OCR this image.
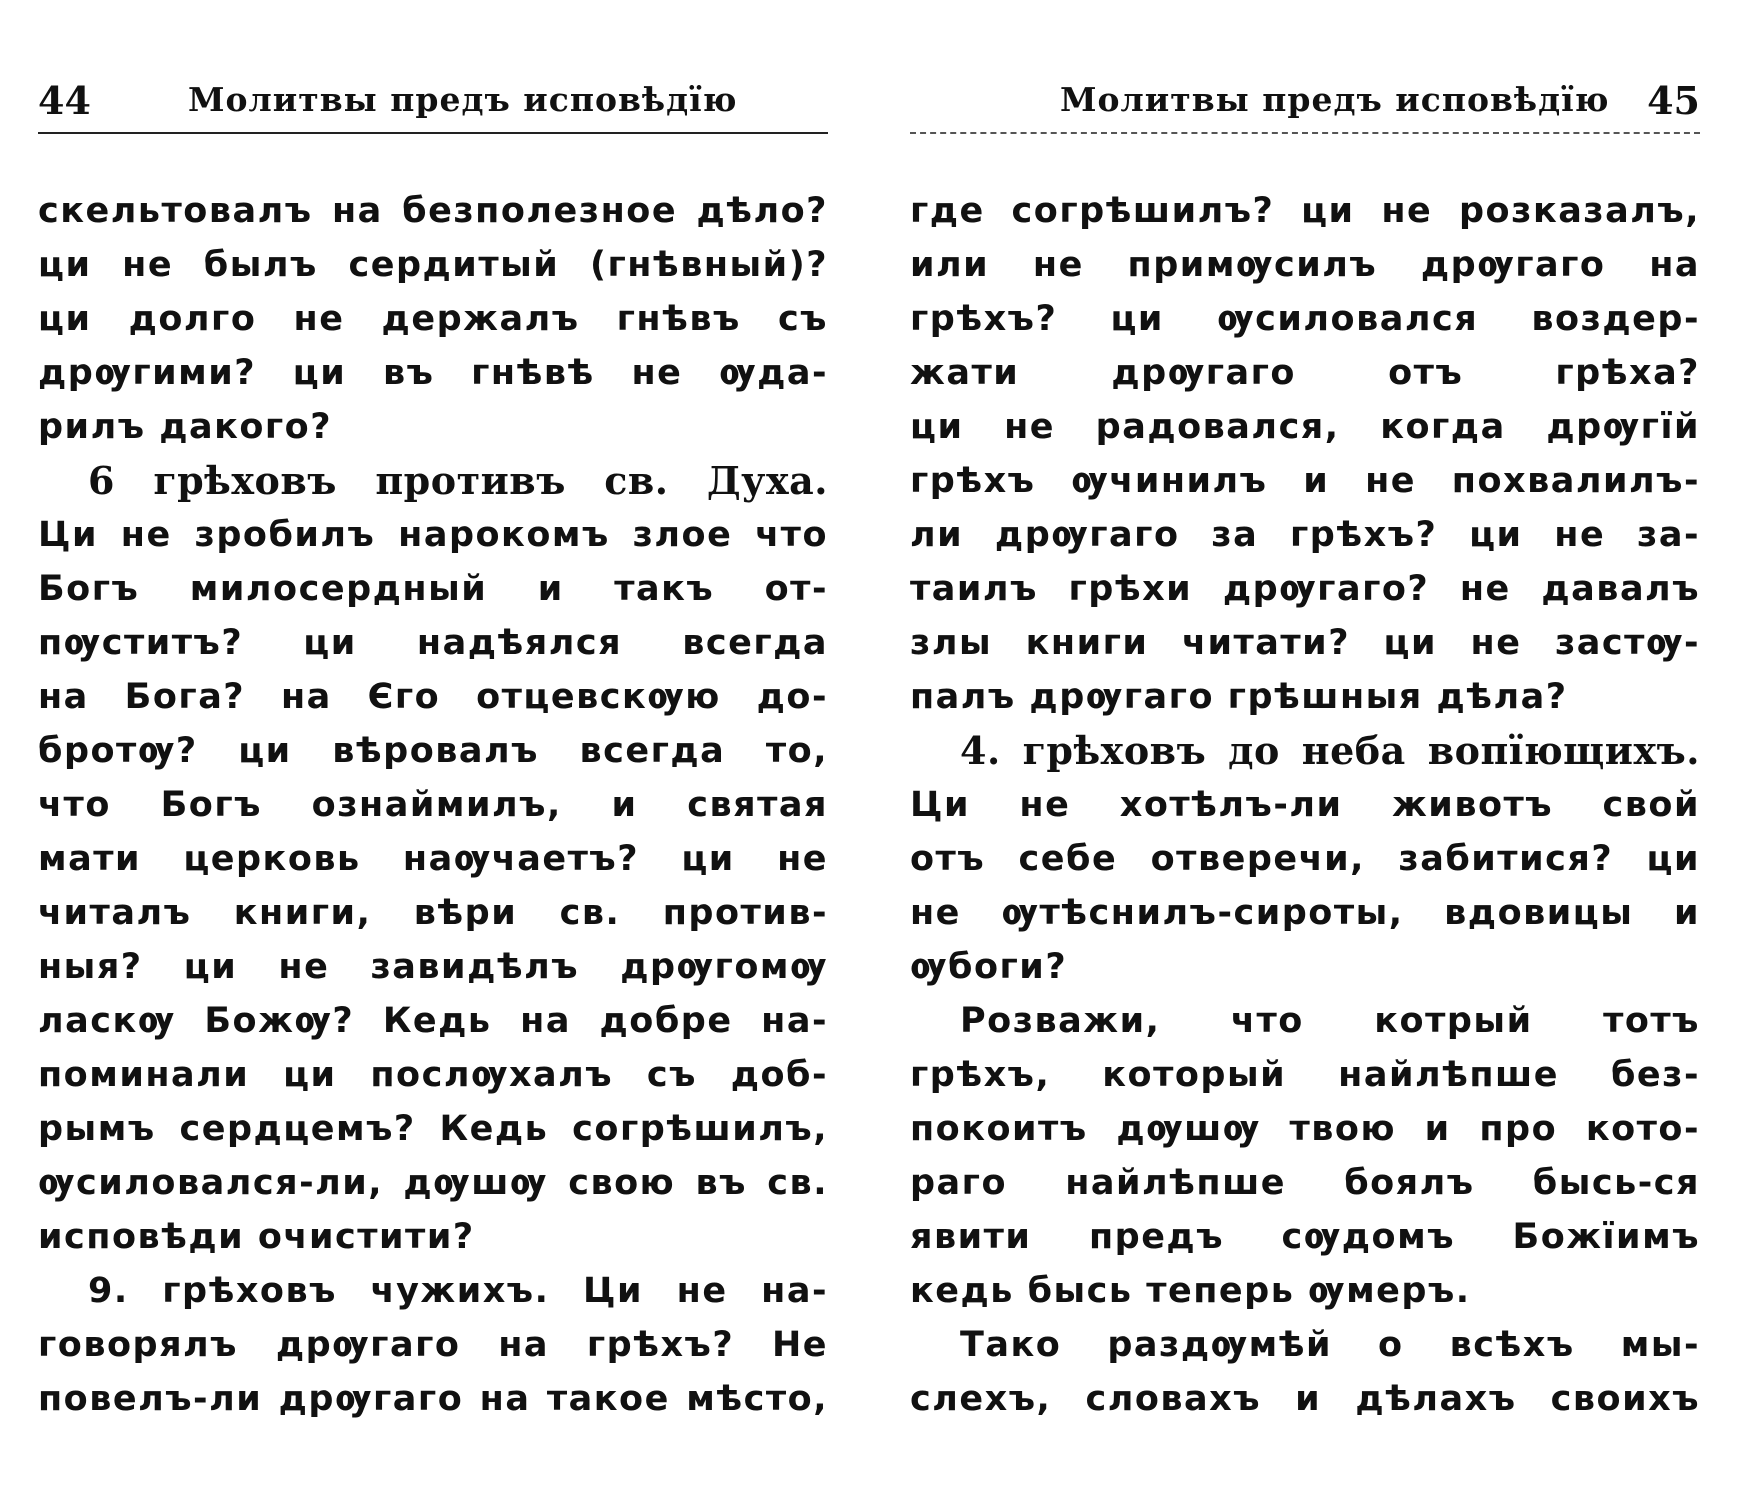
44	Молитвы предъ исповѣдїю
скельтовалъ на безполезное дѣло?
ци не былъ сердитый (гнѣвный)?
ци долго не держалъ гнѣвъ съ
дрѹгими? ци въ гнѣвѣ не ѹдa-
рилъ дакого?
6 грѣховъ противъ св. Духа.
Ци не зробилъ нарокомъ злое что
Богъ милосердный и такъ от-
пѹститъ? ци надѣялся всегда
на Бога? на Єго отцевскѹю до-
бротѹ? ци вѣровалъ всегда то,
что Богъ ознаймилъ, и святая
мати церковь наѹчаетъ? ци не
читалъ книги, вѣри св. против-
ныя? ци не завидѣлъ дрѹгомѹ
ласкѹ Божѹ? Кедь на добре на-
поминали ци послѹхалъ съ доб-
рымъ сердцемъ? Кедь согрѣшилъ,
ѹсиловался-ли, дѹшѹ свою въ св.
исповѣди очистити?
9. грѣховъ чужихъ. Ци не на-
говорялъ дрѹгаго на грѣхъ? Не
повелъ-ли дрѹгаго на такое мѣсто,
Молитвы предъ исповѣдїю 45
где согрѣшилъ? ци не розказалъ,
или не примѹсилъ дрѹгаго на
грѣхъ? ци ѹсиловался воздер-
жати дрѹгаго отъ грѣха?
ци не радовался, когда дрѹгїй
грѣхъ ѹчинилъ и не похвалилъ-
ли дрѹгаго за грѣхъ? ци не за-
таилъ грѣхи дрѹгаго? не давалъ
злы книги читати? ци не застѹ-
палъ дрѹгаго грѣшныя дѣла?
4. грѣховъ до неба вопїющихъ.
Ци не хотѣлъ-ли животъ свой
отъ себе отверечи, забитися? ци
не ѹтѣснилъ-сироты, вдовицы и
ѹбоги?
Розважи, что котрый тотъ
грѣхъ, который найлѣпше без-
покоитъ дѹшѹ твою и про кото-
раго найлѣпше боялъ бысь-ся
явити предъ сѹдомъ Божїимъ
кедь бысь теперь ѹмеръ.
Тако раздѹмѣй о всѣхъ мы-
слехъ, словахъ и дѣлахъ своихъ
